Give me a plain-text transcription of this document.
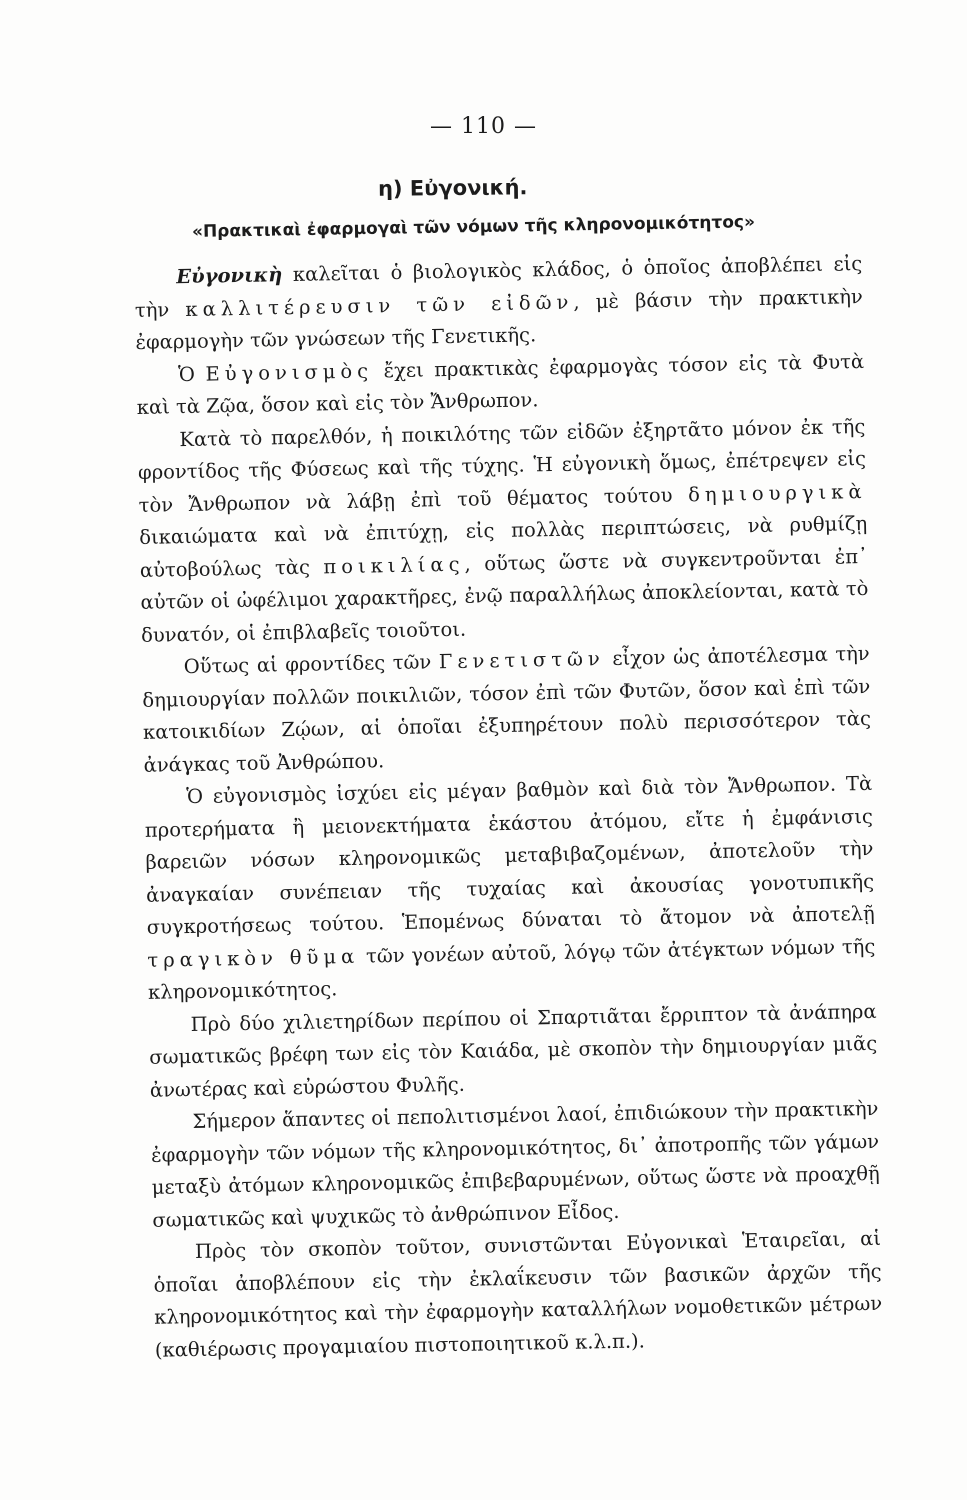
— 110 —
η) Εὐγονική.
«Πρακτικαὶ ἐφαρμογαὶ τῶν νόμων τῆς κληρονομικότητος»

Εὐγονικὴ καλεῖται ὁ βιολογικὸς κλάδος, ὁ ὁποῖος ἀποβλέπει εἰς τὴν καλλιτέρευσιν τῶν εἰδῶν, μὲ βάσιν τὴν πρακτικὴν ἐφαρμογὴν τῶν γνώσεων τῆς Γενετικῆς.

Ὁ Εὐγονισμὸς ἔχει πρακτικὰς ἐφαρμογὰς τόσον εἰς τὰ Φυτὰ καὶ τὰ Ζῷα, ὅσον καὶ εἰς τὸν Ἄνθρωπον.

Κατὰ τὸ παρελθόν, ἡ ποικιλότης τῶν εἰδῶν ἐξηρτᾶτο μόνον ἐκ τῆς φροντίδος τῆς Φύσεως καὶ τῆς τύχης. Ἡ εὐγονικὴ ὅμως, ἐπέτρεψεν εἰς τὸν Ἄνθρωπον νὰ λάβῃ ἐπὶ τοῦ θέματος τούτου δημιουργικὰ δικαιώματα καὶ νὰ ἐπιτύχῃ, εἰς πολλὰς περιπτώσεις, νὰ ρυθμίζῃ αὐτοβούλως τὰς ποικιλίας, οὕτως ὥστε νὰ συγκεντροῦνται ἐπ᾽ αὐτῶν οἱ ὠφέλιμοι χαρακτῆρες, ἐνῷ παραλλήλως ἀποκλείονται, κατὰ τὸ δυνατόν, οἱ ἐπιβλαβεῖς τοιοῦτοι.

Οὕτως αἱ φροντίδες τῶν Γενετιστῶν εἶχον ὡς ἀποτέλεσμα τὴν δημιουργίαν πολλῶν ποικιλιῶν, τόσον ἐπὶ τῶν Φυτῶν, ὅσον καὶ ἐπὶ τῶν κατοικιδίων Ζῴων, αἱ ὁποῖαι ἐξυπηρέτουν πολὺ περισσότερον τὰς ἀνάγκας τοῦ Ἀνθρώπου.

Ὁ εὐγονισμὸς ἰσχύει εἰς μέγαν βαθμὸν καὶ διὰ τὸν Ἄνθρωπον. Τὰ προτερήματα ἢ μειονεκτήματα ἑκάστου ἀτόμου, εἴτε ἡ ἐμφάνισις βαρειῶν νόσων κληρονομικῶς μεταβιβαζομένων, ἀποτελοῦν τὴν ἀναγκαίαν συνέπειαν τῆς τυχαίας καὶ ἀκουσίας γονοτυπικῆς συγκροτήσεως τούτου. Ἑπομένως δύναται τὸ ἄτομον νὰ ἀποτελῇ τραγικὸν θῦμα τῶν γονέων αὐτοῦ, λόγῳ τῶν ἀτέγκτων νόμων τῆς κληρονομικότητος.

Πρὸ δύο χιλιετηρίδων περίπου οἱ Σπαρτιᾶται ἔρριπτον τὰ ἀνάπηρα σωματικῶς βρέφη των εἰς τὸν Καιάδα, μὲ σκοπὸν τὴν δημιουργίαν μιᾶς ἀνωτέρας καὶ εὐρώστου Φυλῆς.

Σήμερον ἅπαντες οἱ πεπολιτισμένοι λαοί, ἐπιδιώκουν τὴν πρακτικὴν ἐφαρμογὴν τῶν νόμων τῆς κληρονομικότητος, δι᾽ ἀποτροπῆς τῶν γάμων μεταξὺ ἀτόμων κληρονομικῶς ἐπιβεβαρυμένων, οὕτως ὥστε νὰ προαχθῇ σωματικῶς καὶ ψυχικῶς τὸ ἀνθρώπινον Εἶδος.

Πρὸς τὸν σκοπὸν τοῦτον, συνιστῶνται Εὐγονικαὶ Ἑταιρεῖαι, αἱ ὁποῖαι ἀποβλέπουν εἰς τὴν ἐκλαΐκευσιν τῶν βασικῶν ἀρχῶν τῆς κληρονομικότητος καὶ τὴν ἐφαρμογὴν καταλλήλων νομοθετικῶν μέτρων (καθιέρωσις προγαμιαίου πιστοποιητικοῦ κ.λ.π.).
